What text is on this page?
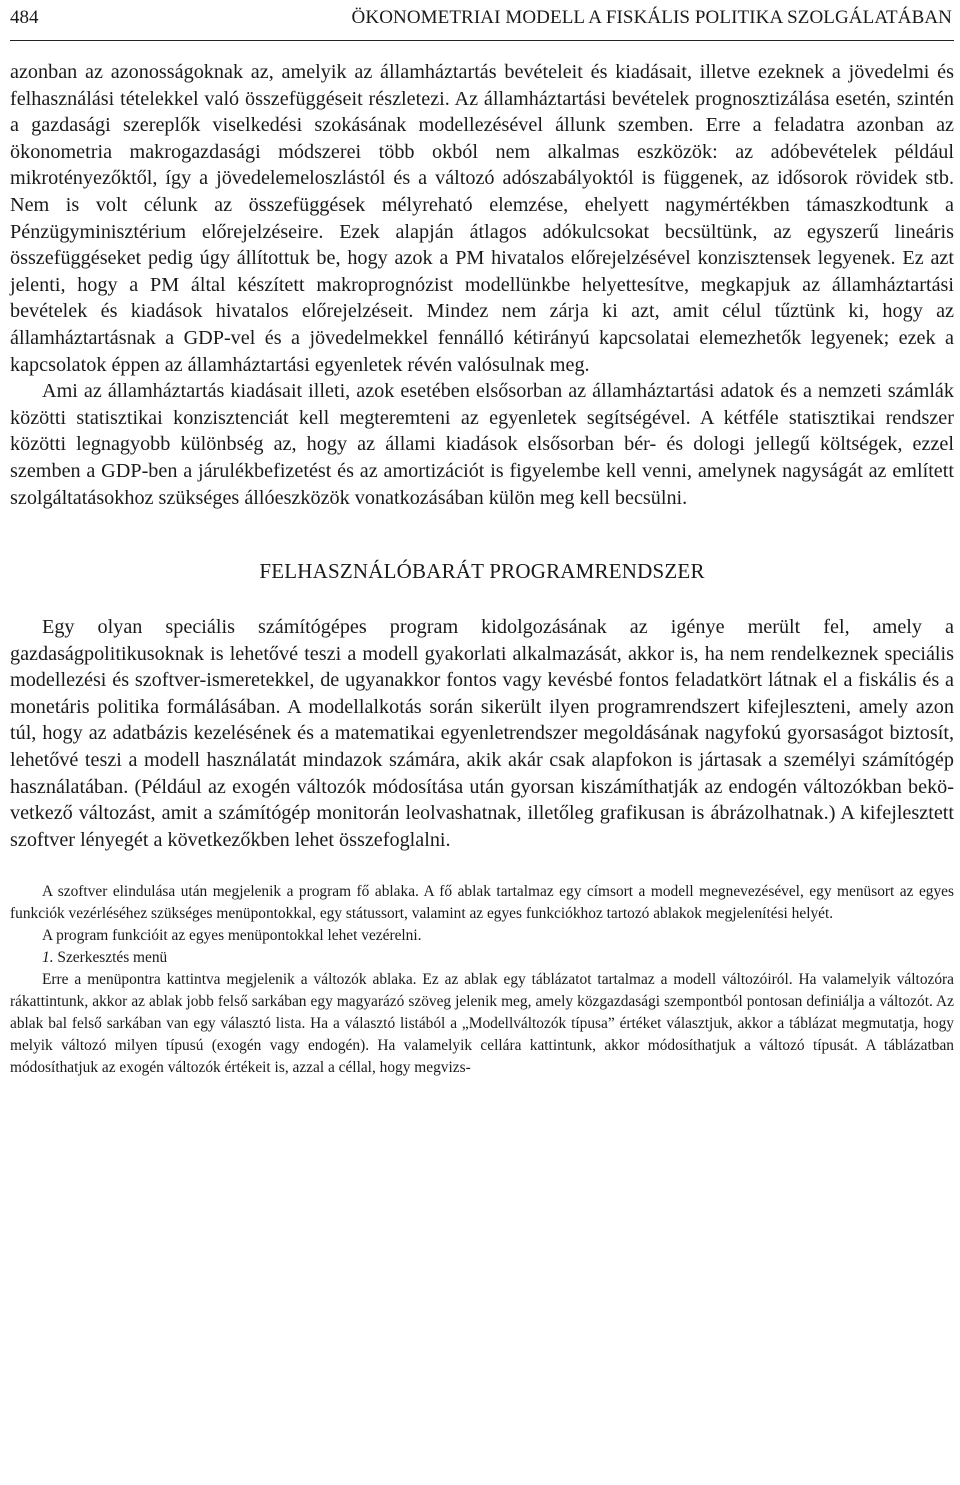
484	ÖKONOMETRIAI MODELL A FISKÁLIS POLITIKA SZOLGÁLATÁBAN

azonban az azonosságoknak az, amelyik az államháztartás bevételeit és kiadásait, illetve ezeknek a jövedelmi és felhasználási tételekkel való összefüggéseit részletezi. Az államháztartási bevételek prognosztizálása esetén, szintén a gazdasági szereplők viselkedési szokásának modellezésével állunk szemben. Erre a feladatra azonban az ökonometria makrogazdasági módszerei több okból nem alkalmas eszközök: az adóbevételek például mikrotényezőktől, így a jövedelemeloszlástól és a változó adószabályoktól is függenek, az idősorok rövidek stb. Nem is volt célunk az összefüggések mélyreható elemzése, ehelyett nagymértékben támaszkodtunk a Pénzügyminisztérium előrejelzéseire. Ezek alapján átlagos adókulcsokat becsültünk, az egyszerű lineáris összefüggéseket pedig úgy állítottuk be, hogy azok a PM hivatalos előrejelzésével konzisztensek legyenek. Ez azt jelenti, hogy a PM által készített makroprognózist modellünkbe helyettesítve, megkapjuk az államháztartási bevételek és kiadások hivatalos előrejelzéseit. Mindez nem zárja ki azt, amit célul tűztünk ki, hogy az államháztartásnak a GDP-vel és a jövedelmekkel fennálló kétirányú kapcsolatai elemezhetők legyenek; ezek a kapcsolatok éppen az államháztartási egyenletek révén valósulnak meg.

Ami az államháztartás kiadásait illeti, azok esetében elsősorban az államháztartási adatok és a nemzeti számlák közötti statisztikai konzisztenciát kell megteremteni az egyenletek segítségével. A kétféle statisztikai rendszer közötti legnagyobb különbség az, hogy az állami kiadások elsősorban bér- és dologi jellegű költségek, ezzel szemben a GDP-ben a járulékbefizetést és az amortizációt is figyelembe kell venni, amelynek nagyságát az említett szolgáltatásokhoz szükséges állóeszközök vonatkozásában külön meg kell becsülni.

FELHASZNÁLÓBARÁT PROGRAMRENDSZER

Egy olyan speciális számítógépes program kidolgozásának az igénye merült fel, amely a gazdaságpolitikusoknak is lehetővé teszi a modell gyakorlati alkalmazását, akkor is, ha nem rendelkeznek speciális modellezési és szoftver-ismeretekkel, de ugyanakkor fontos vagy kevésbé fontos feladatkört látnak el a fiskális és a monetáris politika formálásában. A modellalkotás során sikerült ilyen programrendszert kifejleszteni, amely azon túl, hogy az adatbázis kezelésének és a matematikai egyenletrendszer megoldásának nagyfokú gyorsaságot biztosít, lehetővé teszi a modell használatát mindazok számára, akik akár csak alapfokon is jártasak a személyi számítógép használatában. (Például az exogén változók módosítása után gyorsan kiszámíthatják az endogén változókban bekövetkező változást, amit a számítógép monitorán leolvashatnak, illetőleg grafikusan is ábrázolhatnak.) A kifejlesztett szoftver lényegét a következőkben lehet összefoglalni.

A szoftver elindulása után megjelenik a program fő ablaka. A fő ablak tartalmaz egy címsort a modell megnevezésével, egy menüsort az egyes funkciók vezérléséhez szükséges menüpontokkal, egy státussort, valamint az egyes funkciókhoz tartozó ablakok megjelenítési helyét.

A program funkcióit az egyes menüpontokkal lehet vezérelni.

1. Szerkesztés menü

Erre a menüpontra kattintva megjelenik a változók ablaka. Ez az ablak egy táblázatot tartalmaz a modell változóiról. Ha valamelyik változóra rákattintunk, akkor az ablak jobb felső sarkában egy magyarázó szöveg jelenik meg, amely közgazdasági szempontból pontosan definiálja a változót. Az ablak bal felső sarkában van egy választó lista. Ha a választó listából a „Modellváltozók típusa” értéket választjuk, akkor a táblázat megmutatja, hogy melyik változó milyen típusú (exogén vagy endogén). Ha valamelyik cellára kattintunk, akkor módosíthatjuk a változó típusát. A táblázatban módosíthatjuk az exogén változók értékeit is, azzal a céllal, hogy megvizs-
